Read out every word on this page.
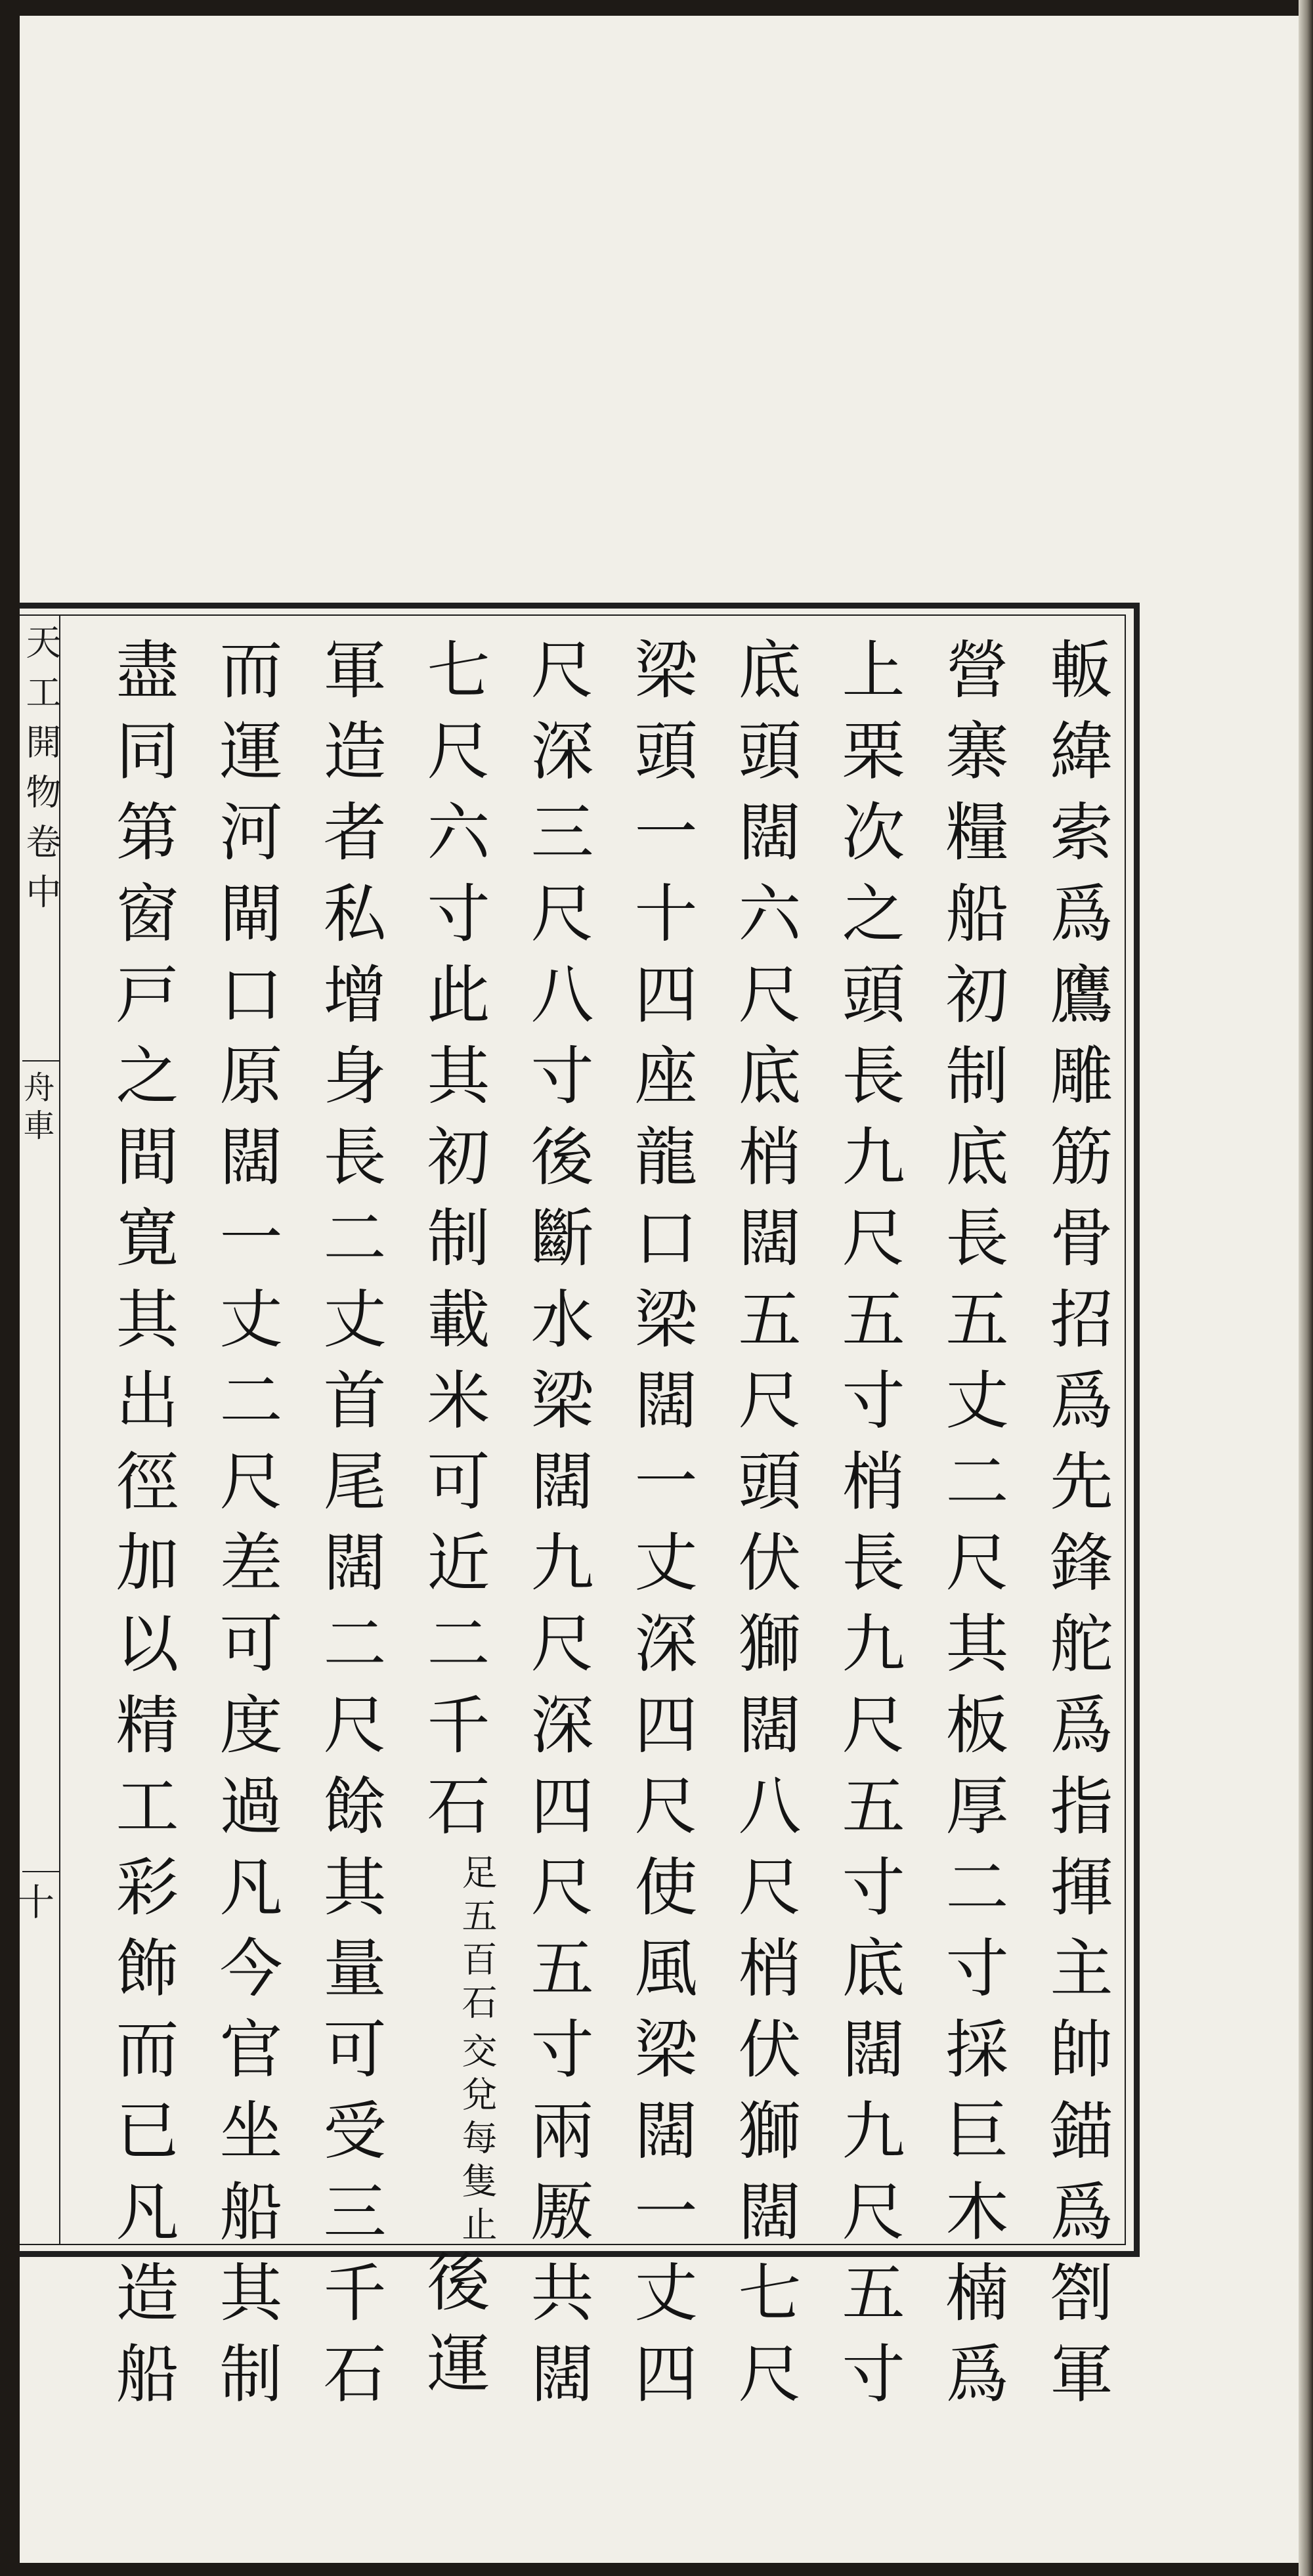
天工開物卷中
舟車
十	䡊緯索爲鷹雕筋骨招爲先鋒舵爲指揮主帥錨爲劄軍
營寨糧船初制底長五丈二尺其板厚二寸採巨木楠爲
上栗次之頭長九尺五寸梢長九尺五寸底闊九尺五寸
底頭闊六尺底梢闊五尺頭伏獅闊八尺梢伏獅闊七尺
梁頭一十四座龍口梁闊一丈深四尺使風梁闊一丈四
尺深三尺八寸後斷水梁闊九尺深四尺五寸兩厫共闊
七尺六寸此其初制載米可近二千石
交兌每隻止
足五百石
後運
軍造者私增身長二丈首尾闊二尺餘其量可受三千石
而運河閘口原闊一丈二尺差可度過凡今官坐船其制
盡同第窗戸之間寛其出徑加以精工彩飾而已凡造船
